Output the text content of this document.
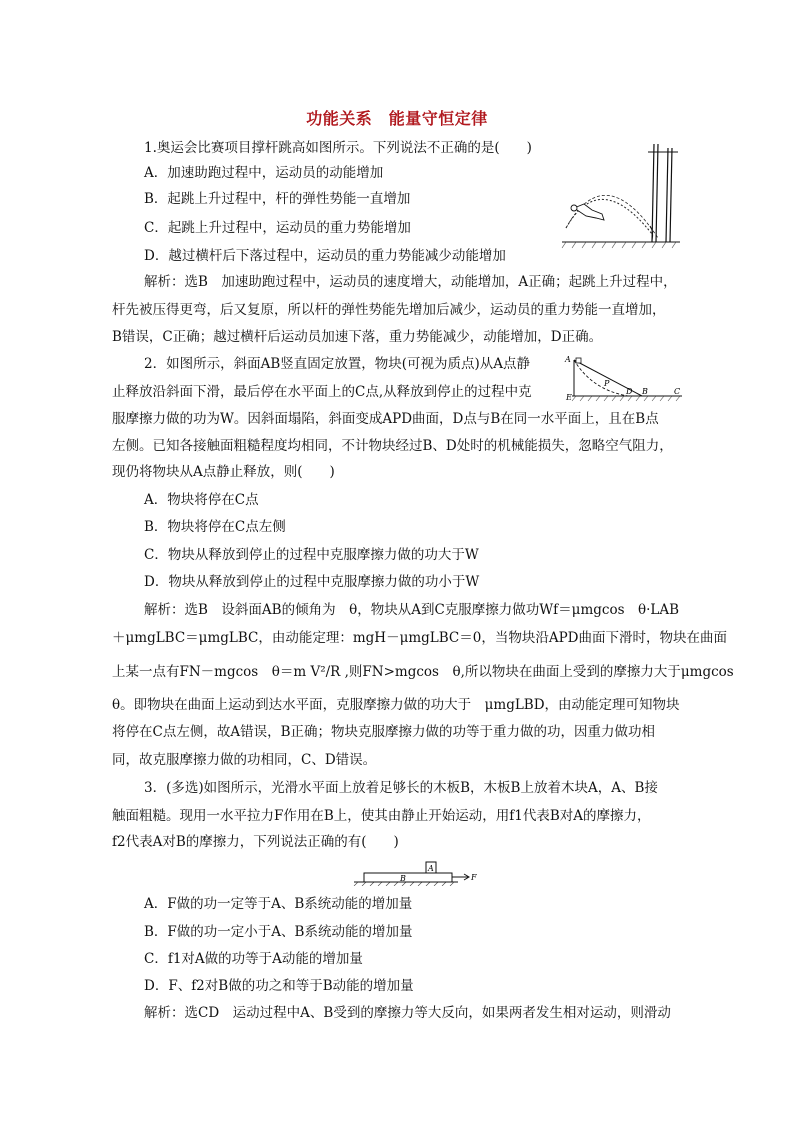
功能关系　能量守恒定律
1.奥运会比赛项目撑杆跳高如图所示。下列说法不正确的是(　　)
A．加速助跑过程中，运动员的动能增加
B．起跳上升过程中，杆的弹性势能一直增加
C．起跳上升过程中，运动员的重力势能增加
D．越过横杆后下落过程中，运动员的重力势能减少动能增加
解析：选B　加速助跑过程中，运动员的速度增大，动能增加，A正确；起跳上升过程中，
杆先被压得更弯，后又复原，所以杆的弹性势能先增加后减少，运动员的重力势能一直增加，
B错误，C正确；越过横杆后运动员加速下落，重力势能减少，动能增加，D正确。
2．如图所示，斜面AB竖直固定放置，物块(可视为质点)从A点静
止释放沿斜面下滑，最后停在水平面上的C点,从释放到停止的过程中克
服摩擦力做的功为W。因斜面塌陷，斜面变成APD曲面，D点与B在同一水平面上，且在B点
左侧。已知各接触面粗糙程度均相同，不计物块经过B、D处时的机械能损失，忽略空气阻力，
现仍将物块从A点静止释放，则(　　)
A．物块将停在C点
B．物块将停在C点左侧
C．物块从释放到停止的过程中克服摩擦力做的功大于W
D．物块从释放到停止的过程中克服摩擦力做的功小于W
解析：选B　设斜面AB的倾角为　θ，物块从A到C克服摩擦力做功Wf＝μmgcos　θ·LAB
＋μmgLBC＝μmgLBC，由动能定理：mgH－μmgLBC＝0，当物块沿APD曲面下滑时，物块在曲面
上某一点有FN－mgcos　θ＝m V²/R ,则FN>mgcos　θ,所以物块在曲面上受到的摩擦力大于μmgcos
θ。即物块在曲面上运动到达水平面，克服摩擦力做的功大于　μmgLBD，由动能定理可知物块
将停在C点左侧，故A错误，B正确；物块克服摩擦力做的功等于重力做的功，因重力做功相
同，故克服摩擦力做的功相同，C、D错误。
A
P
D B	C
E
3．(多选)如图所示，光滑水平面上放着足够长的木板B，木板B上放着木块A，A、B接
触面粗糙。现用一水平拉力F作用在B上，使其由静止开始运动，用f1代表B对A的摩擦力，
f2代表A对B的摩擦力，下列说法正确的有(　　)
A
B	F
A．F做的功一定等于A、B系统动能的增加量
B．F做的功一定小于A、B系统动能的增加量
C．f1对A做的功等于A动能的增加量
D．F、f2对B做的功之和等于B动能的增加量
解析：选CD　运动过程中A、B受到的摩擦力等大反向，如果两者发生相对运动，则滑动
